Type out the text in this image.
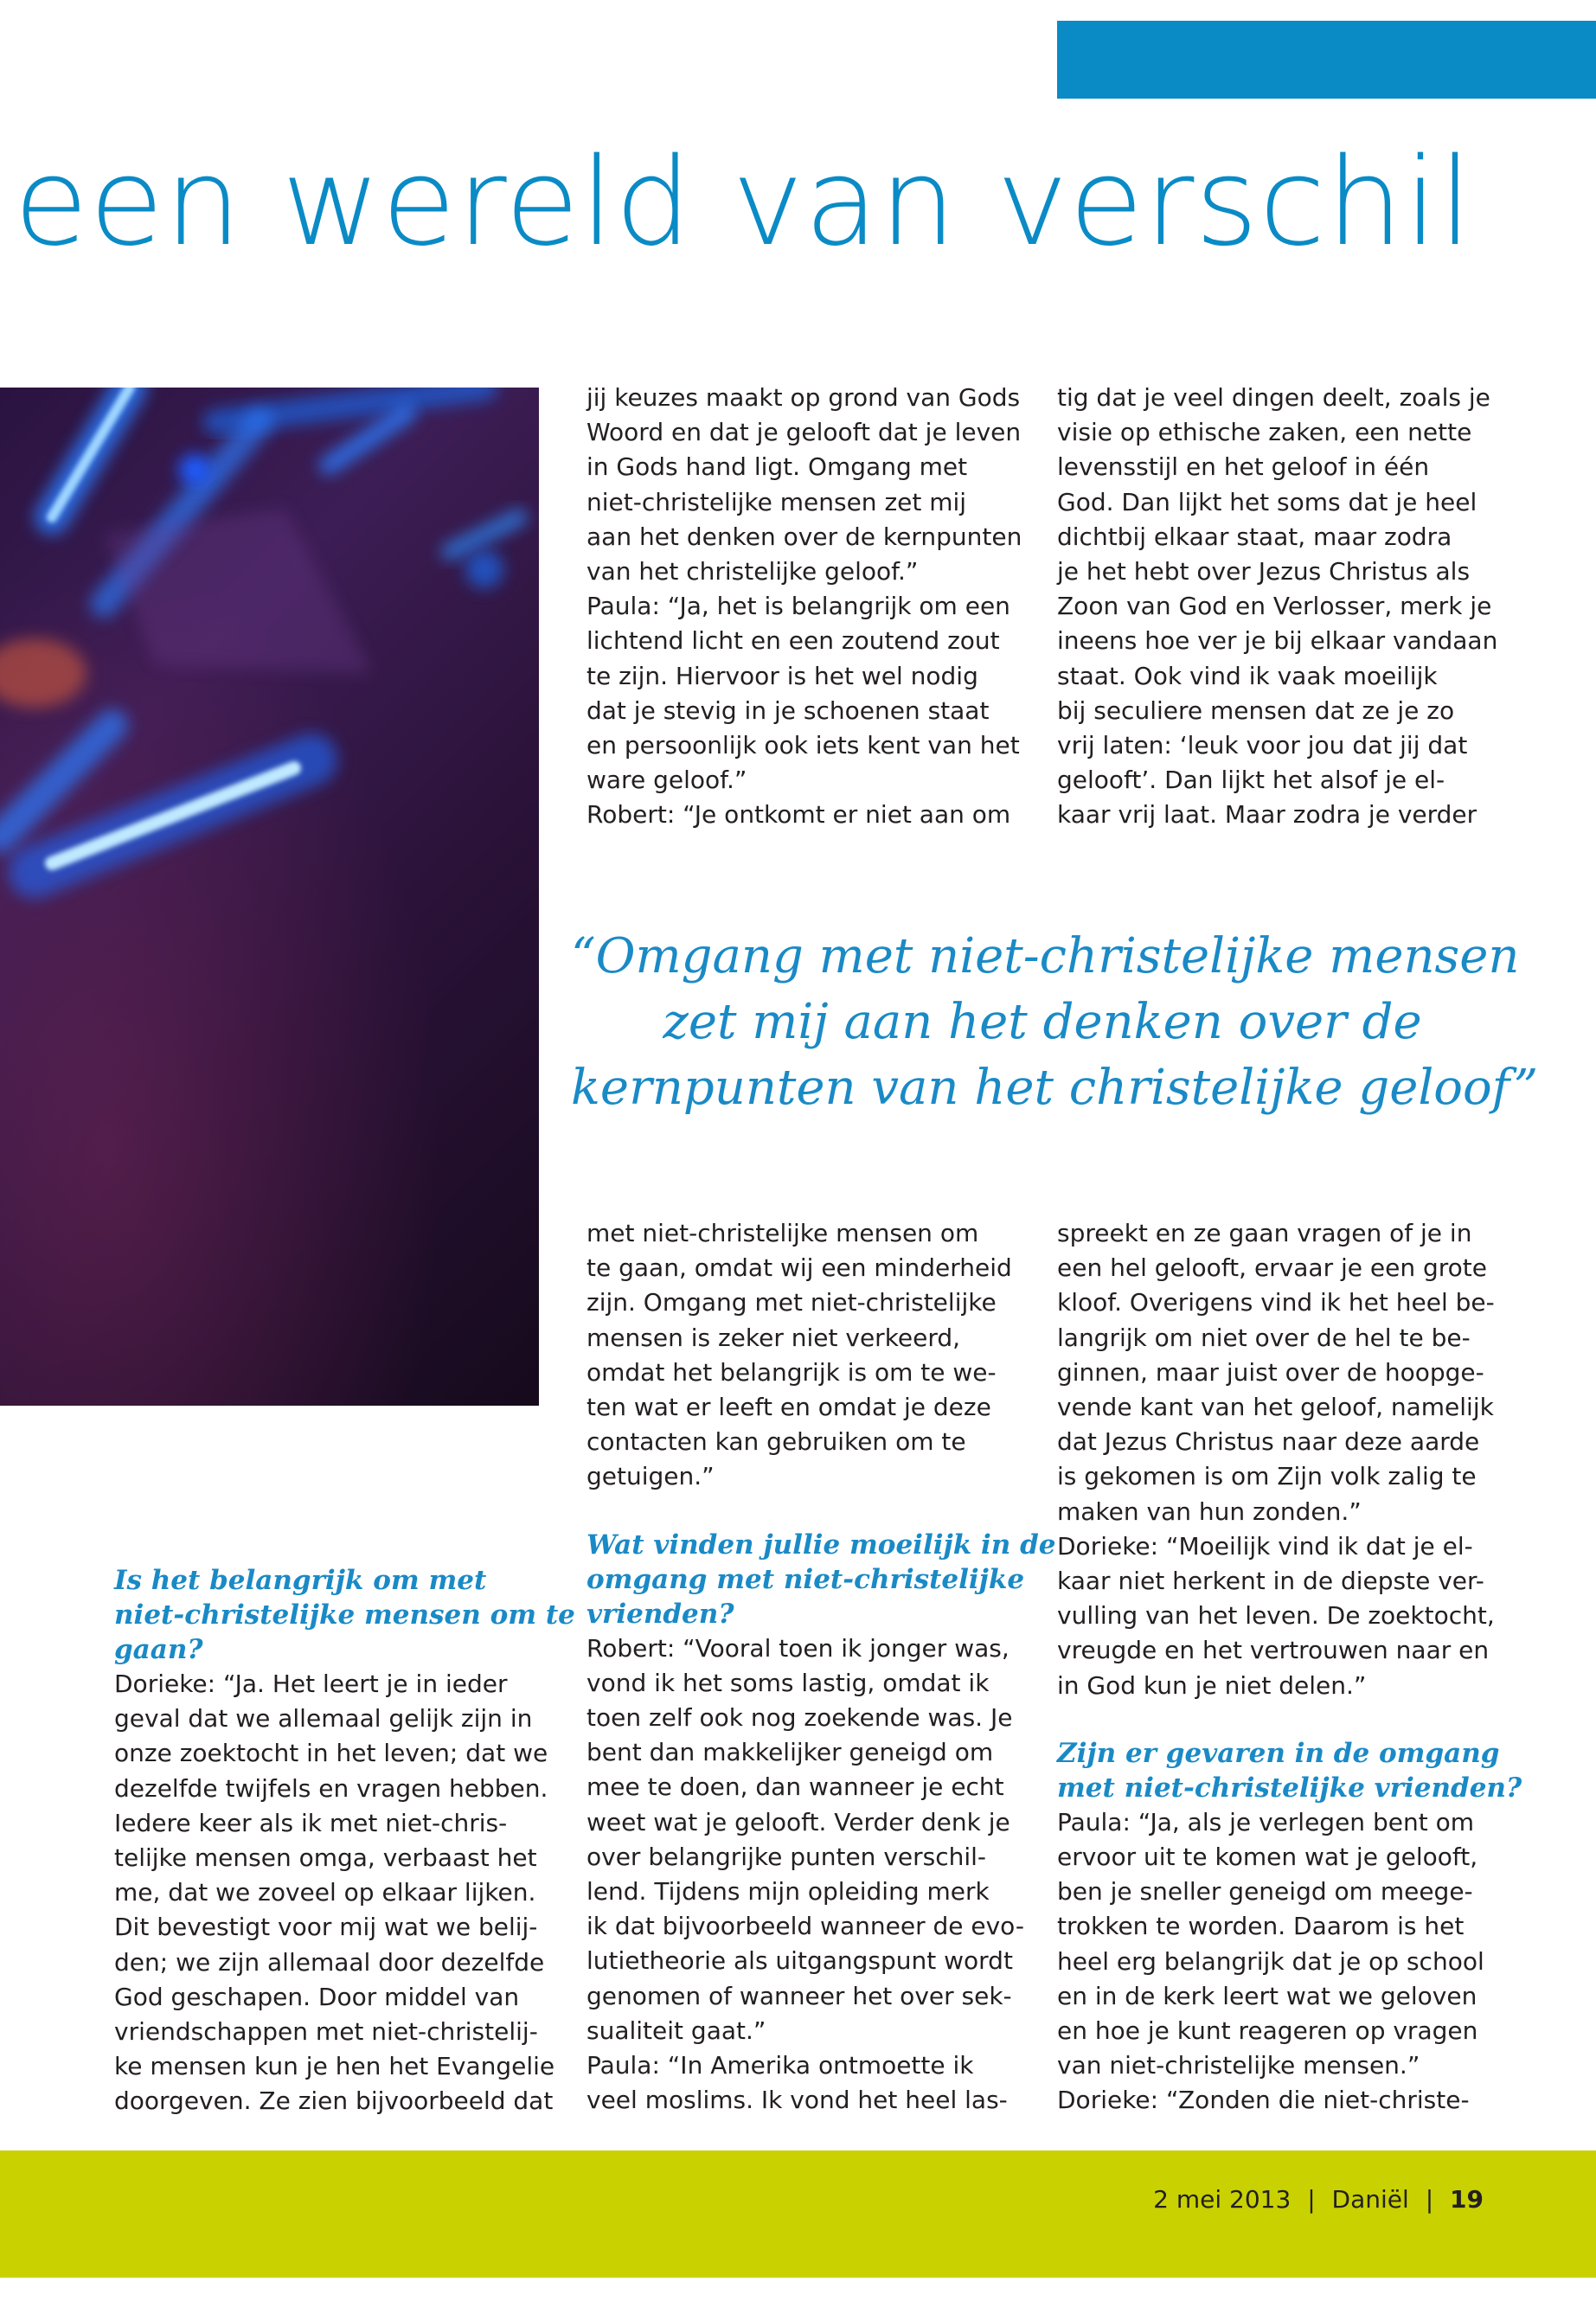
een wereld van verschil

jij keuzes maakt op grond van Gods

Woord en dat je gelooft dat je leven

in Gods hand ligt. Omgang met

niet-christelijke mensen zet mij

aan het denken over de kernpunten

van het christelijke geloof.”

Paula: “Ja, het is belangrijk om een

lichtend licht en een zoutend zout

te zijn. Hiervoor is het wel nodig

dat je stevig in je schoenen staat

en persoonlijk ook iets kent van het

ware geloof.”

Robert: “Je ontkomt er niet aan om

tig dat je veel dingen deelt, zoals je

visie op ethische zaken, een nette

levensstijl en het geloof in één

God. Dan lijkt het soms dat je heel

dichtbij elkaar staat, maar zodra

je het hebt over Jezus Christus als

Zoon van God en Verlosser, merk je

ineens hoe ver je bij elkaar vandaan

staat. Ook vind ik vaak moeilijk

bij seculiere mensen dat ze je zo

vrij laten: ‘leuk voor jou dat jij dat

gelooft’. Dan lijkt het alsof je el-

kaar vrij laat. Maar zodra je verder

“Omgang met niet-christelijke mensen
zet mij aan het denken over de
kernpunten van het christelijke geloof”
Is het belangrijk om met
niet-christelijke mensen om te
gaan?

Dorieke: “Ja. Het leert je in ieder

geval dat we allemaal gelijk zijn in

onze zoektocht in het leven; dat we

dezelfde twijfels en vragen hebben.

Iedere keer als ik met niet-chris-

telijke mensen omga, verbaast het

me, dat we zoveel op elkaar lijken.

Dit bevestigt voor mij wat we belij-

den; we zijn allemaal door dezelfde

God geschapen. Door middel van

vriendschappen met niet-christelij-

ke mensen kun je hen het Evangelie

doorgeven. Ze zien bijvoorbeeld dat

met niet-christelijke mensen om

te gaan, omdat wij een minderheid

zijn. Omgang met niet-christelijke

mensen is zeker niet verkeerd,

omdat het belangrijk is om te we-

ten wat er leeft en omdat je deze

contacten kan gebruiken om te

getuigen.”

Wat vinden jullie moeilijk in de
omgang met niet-christelijke
vrienden?

Robert: “Vooral toen ik jonger was,

vond ik het soms lastig, omdat ik

toen zelf ook nog zoekende was. Je

bent dan makkelijker geneigd om

mee te doen, dan wanneer je echt

weet wat je gelooft. Verder denk je

over belangrijke punten verschil-

lend. Tijdens mijn opleiding merk

ik dat bijvoorbeeld wanneer de evo-

lutietheorie als uitgangspunt wordt

genomen of wanneer het over sek-

sualiteit gaat.”

Paula: “In Amerika ontmoette ik

veel moslims. Ik vond het heel las-

spreekt en ze gaan vragen of je in

een hel gelooft, ervaar je een grote

kloof. Overigens vind ik het heel be-

langrijk om niet over de hel te be-

ginnen, maar juist over de hoopge-

vende kant van het geloof, namelijk

dat Jezus Christus naar deze aarde

is gekomen is om Zijn volk zalig te

maken van hun zonden.”

Dorieke: “Moeilijk vind ik dat je el-

kaar niet herkent in de diepste ver-

vulling van het leven. De zoektocht,

vreugde en het vertrouwen naar en

in God kun je niet delen.”

Zijn er gevaren in de omgang
met niet-christelijke vrienden?

Paula: “Ja, als je verlegen bent om

ervoor uit te komen wat je gelooft,

ben je sneller geneigd om meege-

trokken te worden. Daarom is het

heel erg belangrijk dat je op school

en in de kerk leert wat we geloven

en hoe je kunt reageren op vragen

van niet-christelijke mensen.”

Dorieke: “Zonden die niet-christe-

2 mei 2013 | Daniël | 19
